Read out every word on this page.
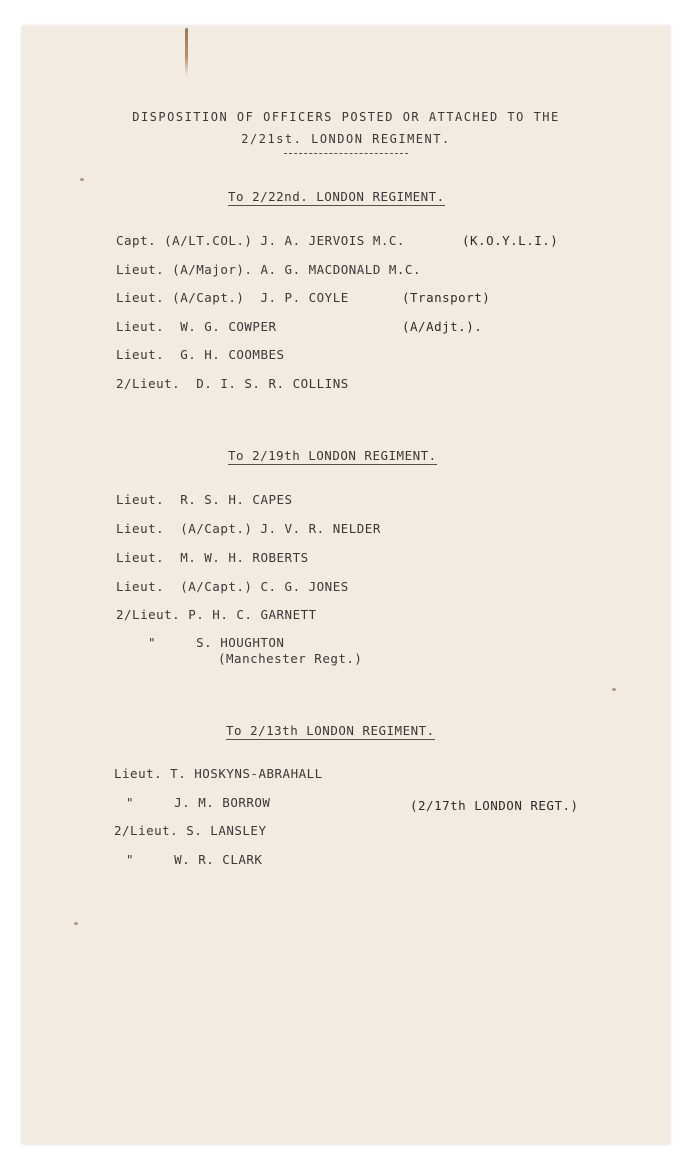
DISPOSITION OF OFFICERS POSTED OR ATTACHED TO THE
2/21st. LONDON REGIMENT.
To 2/22nd. LONDON REGIMENT.
Capt. (A/LT.COL.) J. A. JERVOIS M.C.	(K.O.Y.L.I.)
Lieut. (A/Major). A. G. MACDONALD M.C.
Lieut. (A/Capt.)  J. P. COYLE	(Transport)
Lieut.  W. G. COWPER	(A/Adjt.).
Lieut.  G. H. COOMBES
2/Lieut.  D. I. S. R. COLLINS
To 2/19th LONDON REGIMENT.
Lieut.  R. S. H. CAPES
Lieut.  (A/Capt.) J. V. R. NELDER
Lieut.  M. W. H. ROBERTS
Lieut.  (A/Capt.) C. G. JONES
2/Lieut. P. H. C. GARNETT
"     S. HOUGHTON
(Manchester Regt.)
To 2/13th LONDON REGIMENT.
Lieut. T. HOSKYNS-ABRAHALL
"     J. M. BORROW	(2/17th LONDON REGT.)
2/Lieut. S. LANSLEY
"     W. R. CLARK
